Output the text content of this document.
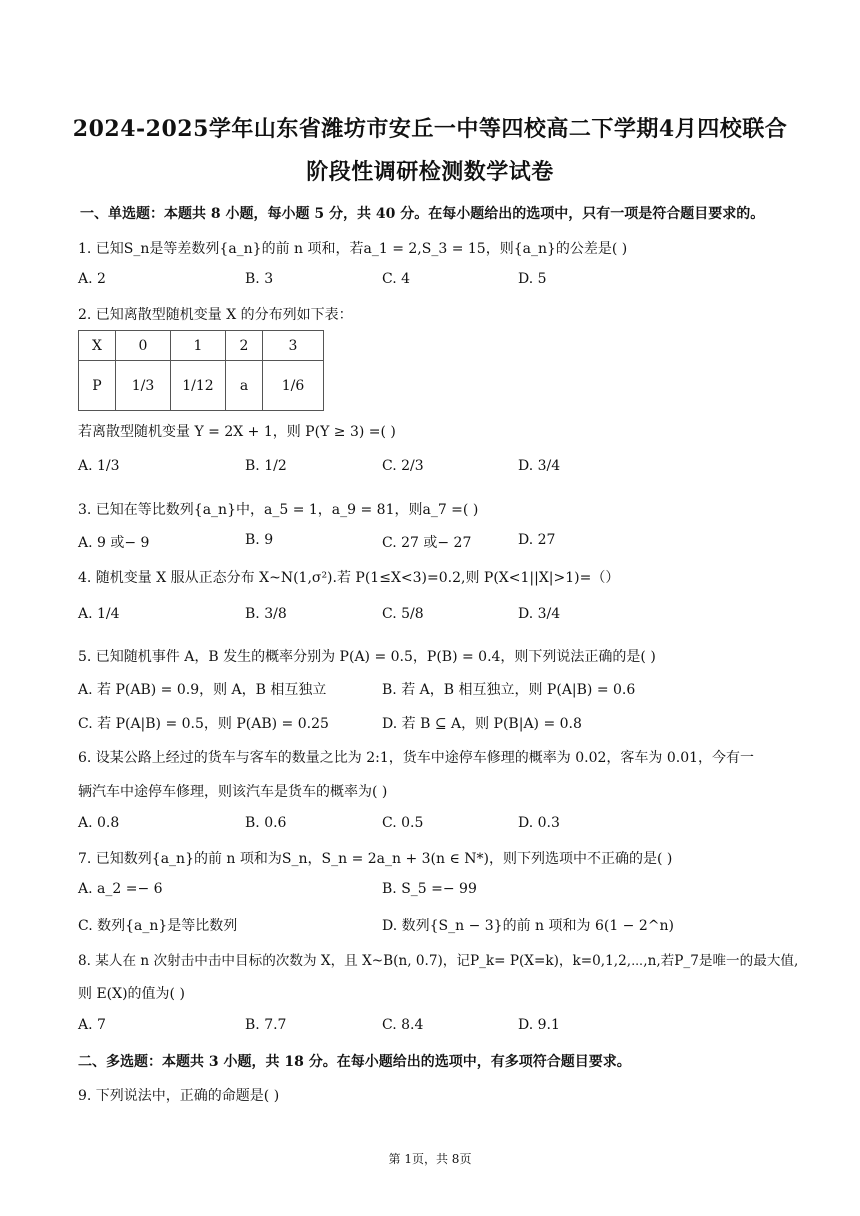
2024-2025学年山东省潍坊市安丘一中等四校高二下学期4月四校联合
阶段性调研检测数学试卷
一、单选题：本题共 8 小题，每小题 5 分，共 40 分。在每小题给出的选项中，只有一项是符合题目要求的。
1. 已知S_n是等差数列{a_n}的前 n 项和，若a_1 = 2,S_3 = 15，则{a_n}的公差是( )
A. 2	B. 3	C. 4	D. 5
2. 已知离散型随机变量 X 的分布列如下表：
X	0	1	2	3
P	1/3	1/12	a	1/6
若离散型随机变量 Y = 2X + 1，则 P(Y ≥ 3) =( )
A. 1/3	B. 1/2	C. 2/3	D. 3/4
3. 已知在等比数列{a_n}中，a_5 = 1，a_9 = 81，则a_7 =( )
A. 9 或− 9	B. 9	C. 27 或− 27	D. 27
4. 随机变量 X 服从正态分布 X~N(1,σ²).若 P(1≤X<3)=0.2,则 P(X<1||X|>1)=（）
A. 1/4	B. 3/8	C. 5/8	D. 3/4
5. 已知随机事件 A，B 发生的概率分别为 P(A) = 0.5，P(B) = 0.4，则下列说法正确的是( )
A. 若 P(AB) = 0.9，则 A，B 相互独立	B. 若 A，B 相互独立，则 P(A|B) = 0.6
C. 若 P(A|B) = 0.5，则 P(AB) = 0.25	D. 若 B ⊆ A，则 P(B|A) = 0.8
6. 设某公路上经过的货车与客车的数量之比为 2:1，货车中途停车修理的概率为 0.02，客车为 0.01，今有一
辆汽车中途停车修理，则该汽车是货车的概率为( )
A. 0.8	B. 0.6	C. 0.5	D. 0.3
7. 已知数列{a_n}的前 n 项和为S_n，S_n = 2a_n + 3(n ∈ N*)，则下列选项中不正确的是( )
A. a_2 =− 6	B. S_5 =− 99
C. 数列{a_n}是等比数列	D. 数列{S_n − 3}的前 n 项和为 6(1 − 2^n)
8. 某人在 n 次射击中击中目标的次数为 X，且 X~B(n, 0.7)，记P_k= P(X=k)，k=0,1,2,⋯,n,若P_7是唯一的最大值,
则 E(X)的值为( )
A. 7	B. 7.7	C. 8.4	D. 9.1
二、多选题：本题共 3 小题，共 18 分。在每小题给出的选项中，有多项符合题目要求。
9. 下列说法中，正确的命题是( )
第 1页，共 8页
